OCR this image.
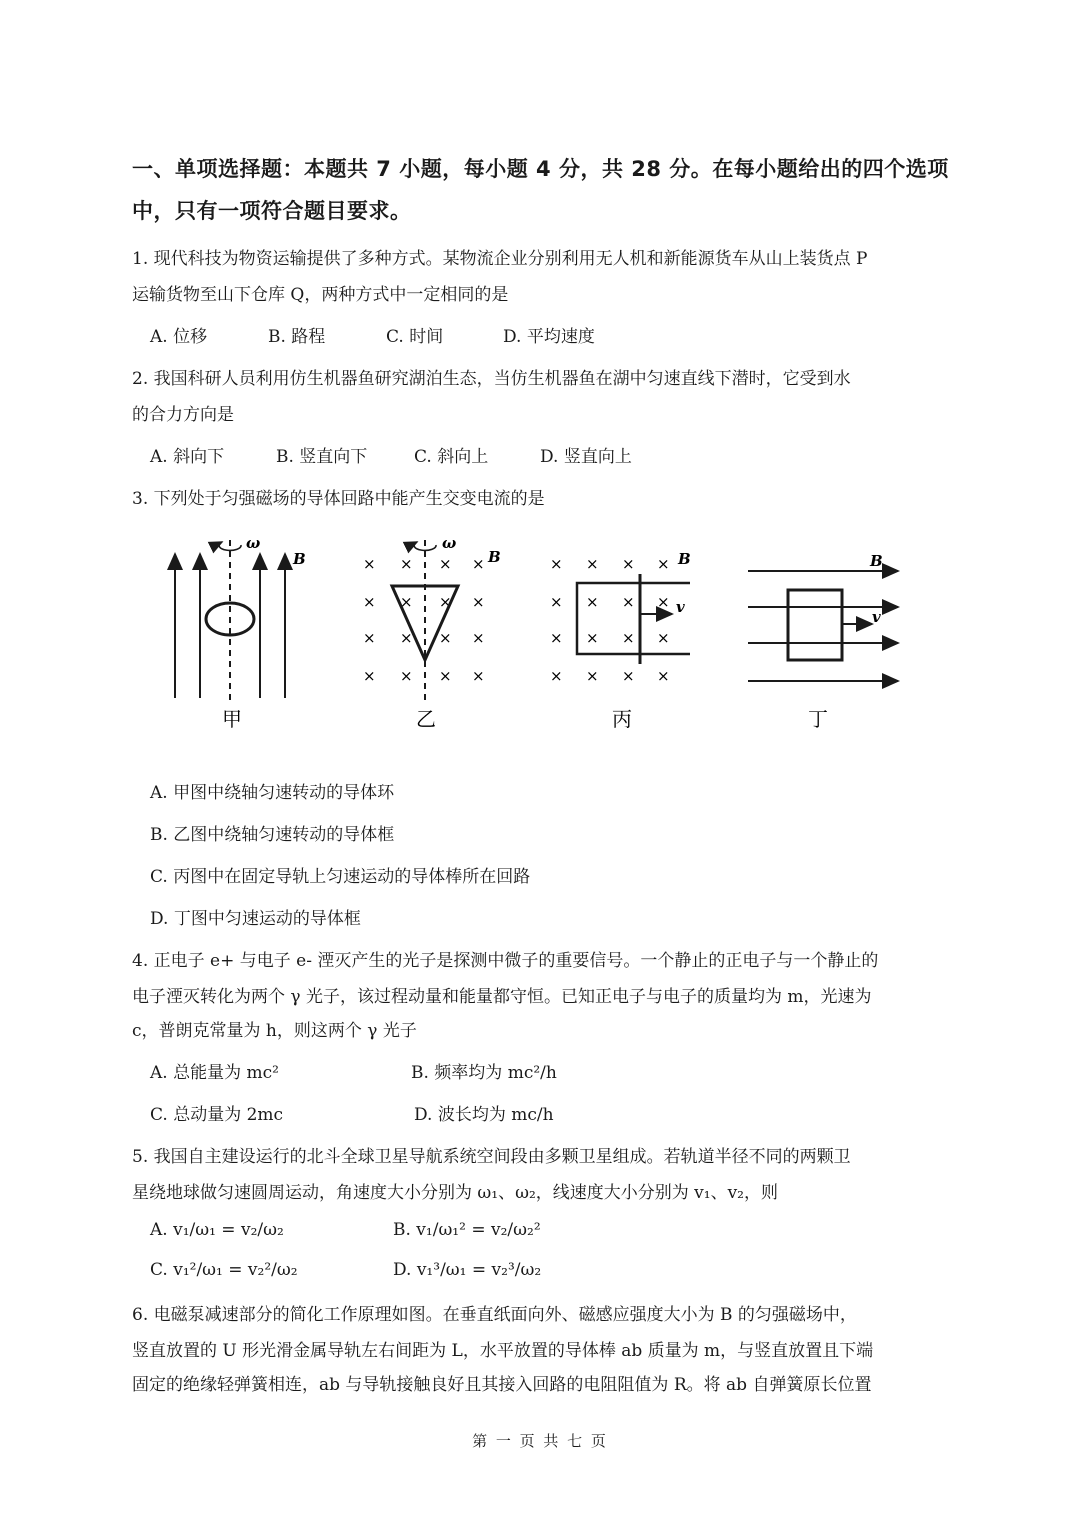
一、单项选择题：本题共 7 小题，每小题 4 分，共 28 分。在每小题给出的四个选项中，只有一项符合题目要求。
1. 现代科技为物资运输提供了多种方式。某物流企业分别利用无人机和新能源货车从山上装货点 P
运输货物至山下仓库 Q，两种方式中一定相同的是
A. 位移	B. 路程	C. 时间	D. 平均速度
2. 我国科研人员利用仿生机器鱼研究湖泊生态，当仿生机器鱼在湖中匀速直线下潜时，它受到水
的合力方向是
A. 斜向下	B. 竖直向下	C. 斜向上	D. 竖直向上
3. 下列处于匀强磁场的导体回路中能产生交变电流的是
ω
B
甲
× × × ×
× × × ×
× × × ×
× × × ×
ω
B
乙
× × × ×
× × × ×
× × × ×
× × × ×
v
B
丙
v
B
丁
A. 甲图中绕轴匀速转动的导体环
B. 乙图中绕轴匀速转动的导体框
C. 丙图中在固定导轨上匀速运动的导体棒所在回路
D. 丁图中匀速运动的导体框
4. 正电子 e+ 与电子 e- 湮灭产生的光子是探测中微子的重要信号。一个静止的正电子与一个静止的
电子湮灭转化为两个 γ 光子，该过程动量和能量都守恒。已知正电子与电子的质量均为 m，光速为
c，普朗克常量为 h，则这两个 γ 光子
A. 总能量为 mc²	B. 频率均为 mc²/h
C. 总动量为 2mc	D. 波长均为 mc/h
5. 我国自主建设运行的北斗全球卫星导航系统空间段由多颗卫星组成。若轨道半径不同的两颗卫
星绕地球做匀速圆周运动，角速度大小分别为 ω₁、ω₂，线速度大小分别为 v₁、v₂，则
A. v₁/ω₁ = v₂/ω₂	B. v₁/ω₁² = v₂/ω₂²
C. v₁²/ω₁ = v₂²/ω₂	D. v₁³/ω₁ = v₂³/ω₂
6. 电磁泵减速部分的简化工作原理如图。在垂直纸面向外、磁感应强度大小为 B 的匀强磁场中，
竖直放置的 U 形光滑金属导轨左右间距为 L，水平放置的导体棒 ab 质量为 m，与竖直放置且下端
固定的绝缘轻弹簧相连，ab 与导轨接触良好且其接入回路的电阻阻值为 R。将 ab 自弹簧原长位置
第 一 页 共 七 页
